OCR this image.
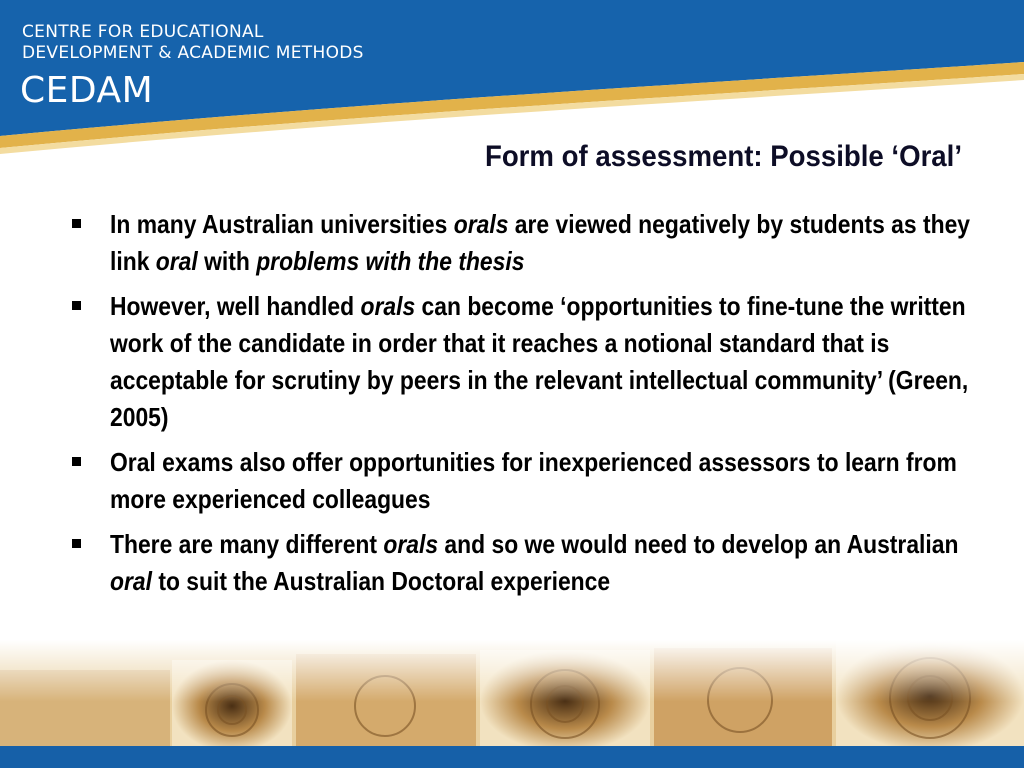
CENTRE FOR EDUCATIONAL
DEVELOPMENT & ACADEMIC METHODS
CEDAM
Form of assessment: Possible ‘Oral’
In many Australian universities orals are viewed negatively by students as they link oral with problems with the thesis
However, well handled orals can become ‘opportunities to fine-tune the written work of the candidate in order that it reaches a notional standard that is acceptable for scrutiny by peers in the relevant intellectual community’ (Green, 2005)
Oral exams also offer opportunities for inexperienced assessors to learn from more experienced colleagues
There are many different orals and so we would need to develop an Australian oral to suit the Australian Doctoral experience
